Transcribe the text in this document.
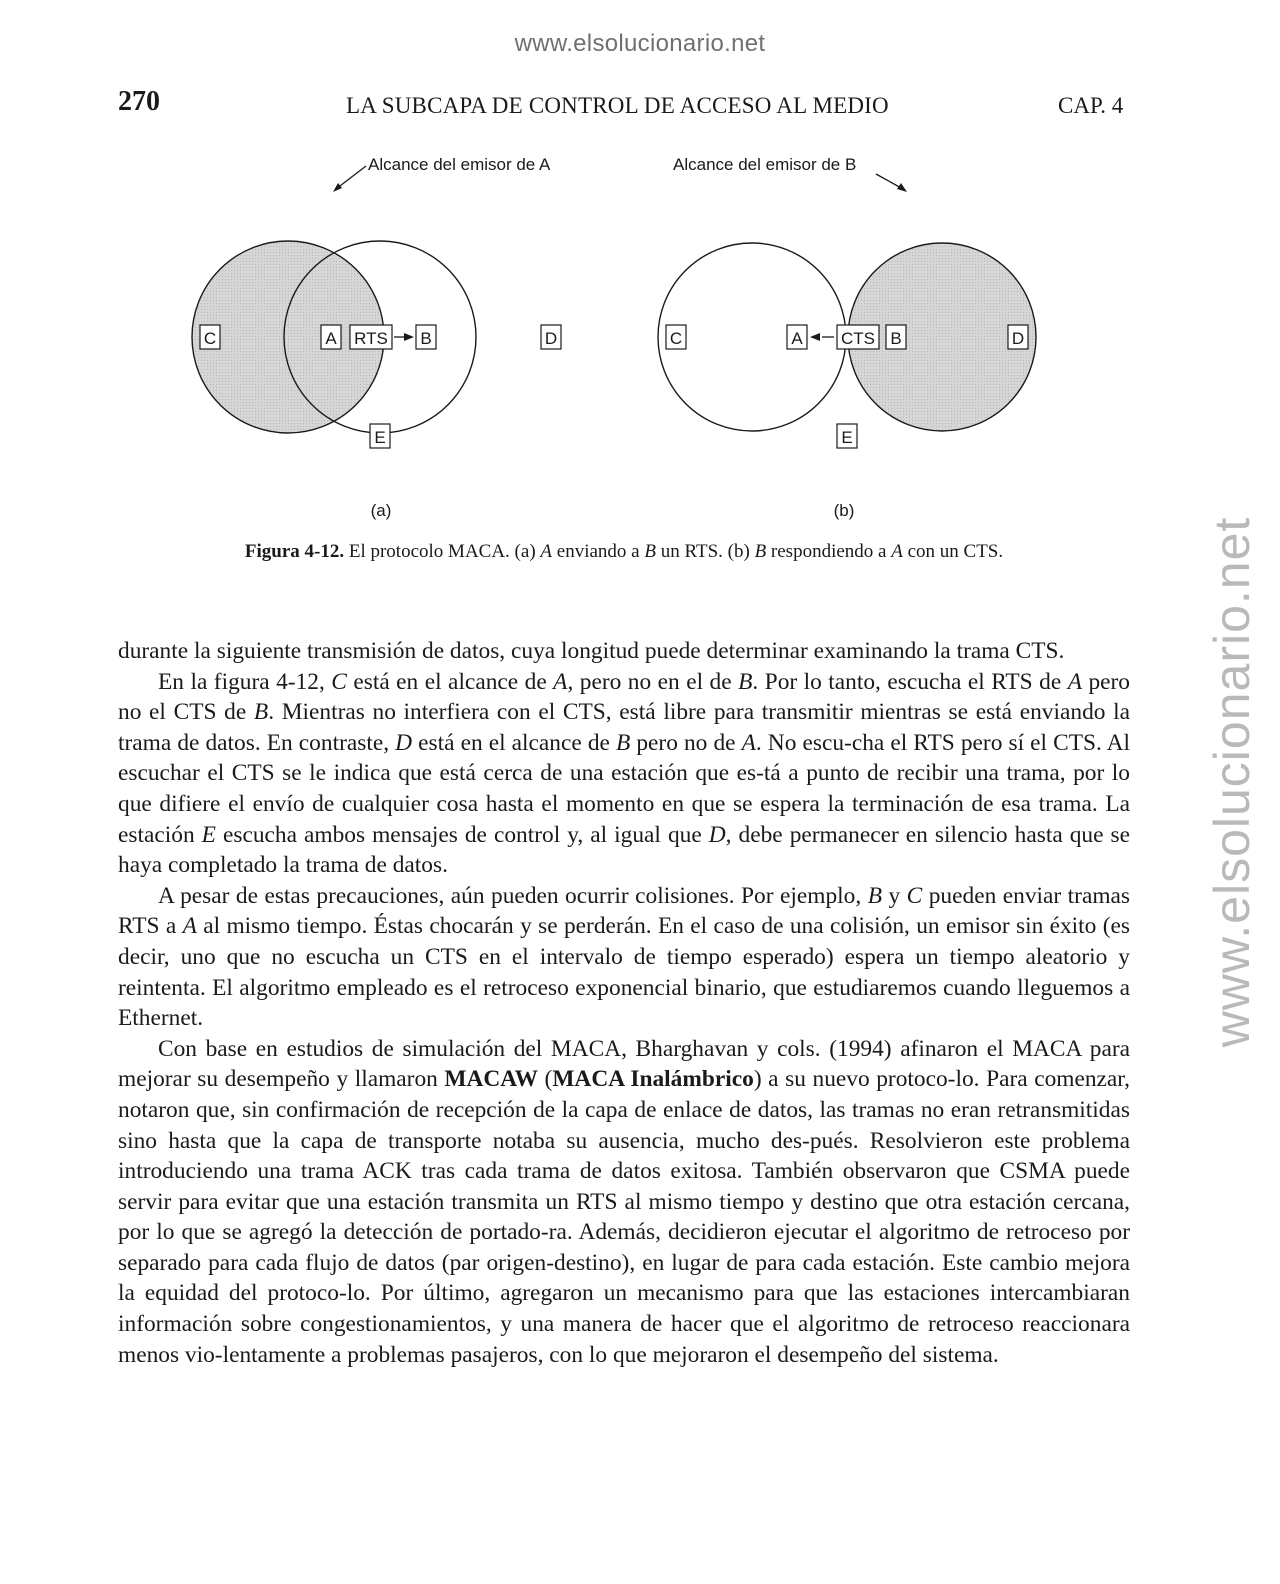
www.elsolucionario.net
www.elsolucionario.net
270	LA SUBCAPA DE CONTROL DE ACCESO AL MEDIO	CAP. 4
Alcance del emisor de A
C	A RTS B	D
E
(a)
Alcance del emisor de B
C	A CTS B	D
E
(b)
Figura 4-12. El protocolo MACA. (a) A enviando a B un RTS. (b) B respondiendo a A con un CTS.

durante la siguiente transmisión de datos, cuya longitud puede determinar examinando la trama CTS.

En la figura 4-12, C está en el alcance de A, pero no en el de B. Por lo tanto, escucha el RTS de A pero no el CTS de B. Mientras no interfiera con el CTS, está libre para transmitir mientras se está enviando la trama de datos. En contraste, D está en el alcance de B pero no de A. No escu-cha el RTS pero sí el CTS. Al escuchar el CTS se le indica que está cerca de una estación que es-tá a punto de recibir una trama, por lo que difiere el envío de cualquier cosa hasta el momento en que se espera la terminación de esa trama. La estación E escucha ambos mensajes de control y, al igual que D, debe permanecer en silencio hasta que se haya completado la trama de datos.

A pesar de estas precauciones, aún pueden ocurrir colisiones. Por ejemplo, B y C pueden enviar tramas RTS a A al mismo tiempo. Éstas chocarán y se perderán. En el caso de una colisión, un emisor sin éxito (es decir, uno que no escucha un CTS en el intervalo de tiempo esperado) espera un tiempo aleatorio y reintenta. El algoritmo empleado es el retroceso exponencial binario, que estudiaremos cuando lleguemos a Ethernet.

Con base en estudios de simulación del MACA, Bharghavan y cols. (1994) afinaron el MACA para mejorar su desempeño y llamaron MACAW (MACA Inalámbrico) a su nuevo protoco-lo. Para comenzar, notaron que, sin confirmación de recepción de la capa de enlace de datos, las tramas no eran retransmitidas sino hasta que la capa de transporte notaba su ausencia, mucho des-pués. Resolvieron este problema introduciendo una trama ACK tras cada trama de datos exitosa. También observaron que CSMA puede servir para evitar que una estación transmita un RTS al mismo tiempo y destino que otra estación cercana, por lo que se agregó la detección de portado-ra. Además, decidieron ejecutar el algoritmo de retroceso por separado para cada flujo de datos (par origen-destino), en lugar de para cada estación. Este cambio mejora la equidad del protoco-lo. Por último, agregaron un mecanismo para que las estaciones intercambiaran información sobre congestionamientos, y una manera de hacer que el algoritmo de retroceso reaccionara menos vio-lentamente a problemas pasajeros, con lo que mejoraron el desempeño del sistema.
